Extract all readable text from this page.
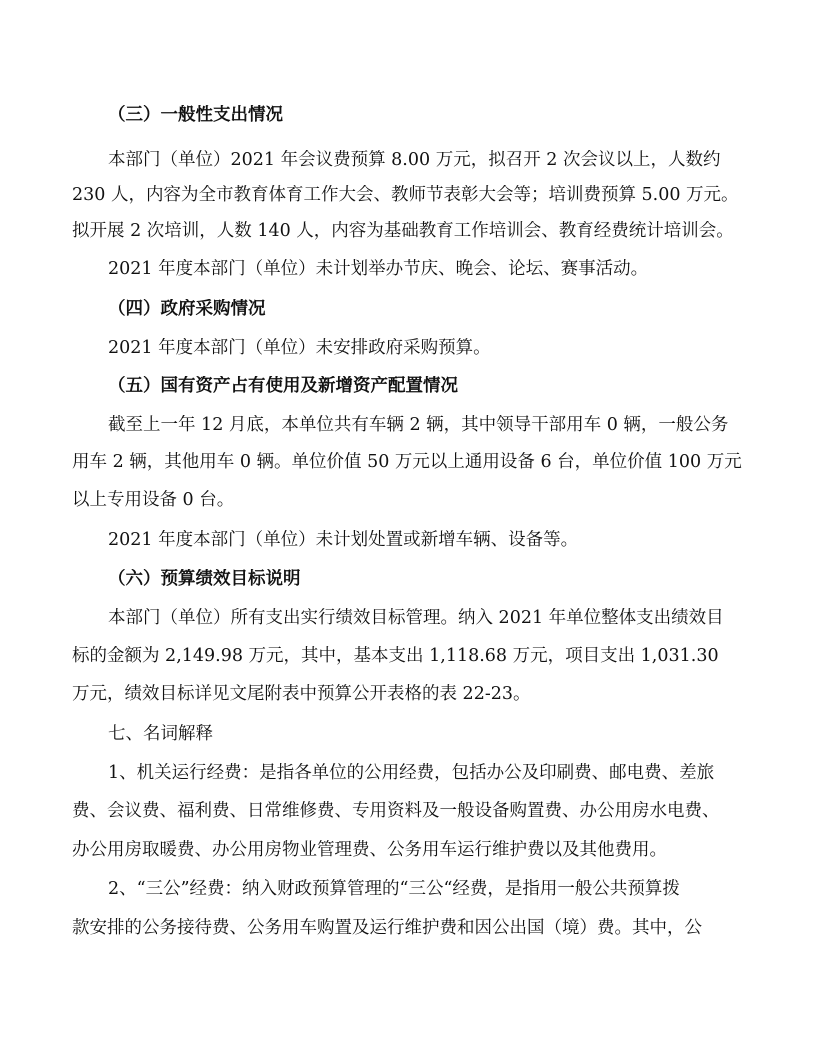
（三）一般性支出情况
本部门（单位）2021 年会议费预算 8.00 万元，拟召开 2 次会议以上，人数约
230 人，内容为全市教育体育工作大会、教师节表彰大会等；培训费预算 5.00 万元。
拟开展 2 次培训，人数 140 人，内容为基础教育工作培训会、教育经费统计培训会。
2021 年度本部门（单位）未计划举办节庆、晚会、论坛、赛事活动。
（四）政府采购情况
2021 年度本部门（单位）未安排政府采购预算。
（五）国有资产占有使用及新增资产配置情况
截至上一年 12 月底，本单位共有车辆 2 辆，其中领导干部用车 0 辆，一般公务
用车 2 辆，其他用车 0 辆。单位价值 50 万元以上通用设备 6 台，单位价值 100 万元
以上专用设备 0 台。
2021 年度本部门（单位）未计划处置或新增车辆、设备等。
（六）预算绩效目标说明
本部门（单位）所有支出实行绩效目标管理。纳入 2021 年单位整体支出绩效目
标的金额为 2,149.98 万元，其中，基本支出 1,118.68 万元，项目支出 1,031.30
万元，绩效目标详见文尾附表中预算公开表格的表 22-23。
七、名词解释
1、机关运行经费：是指各单位的公用经费，包括办公及印刷费、邮电费、差旅
费、会议费、福利费、日常维修费、专用资料及一般设备购置费、办公用房水电费、
办公用房取暖费、办公用房物业管理费、公务用车运行维护费以及其他费用。
2、“三公”经费：纳入财政预算管理的“三公“经费，是指用一般公共预算拨
款安排的公务接待费、公务用车购置及运行维护费和因公出国（境）费。其中，公
